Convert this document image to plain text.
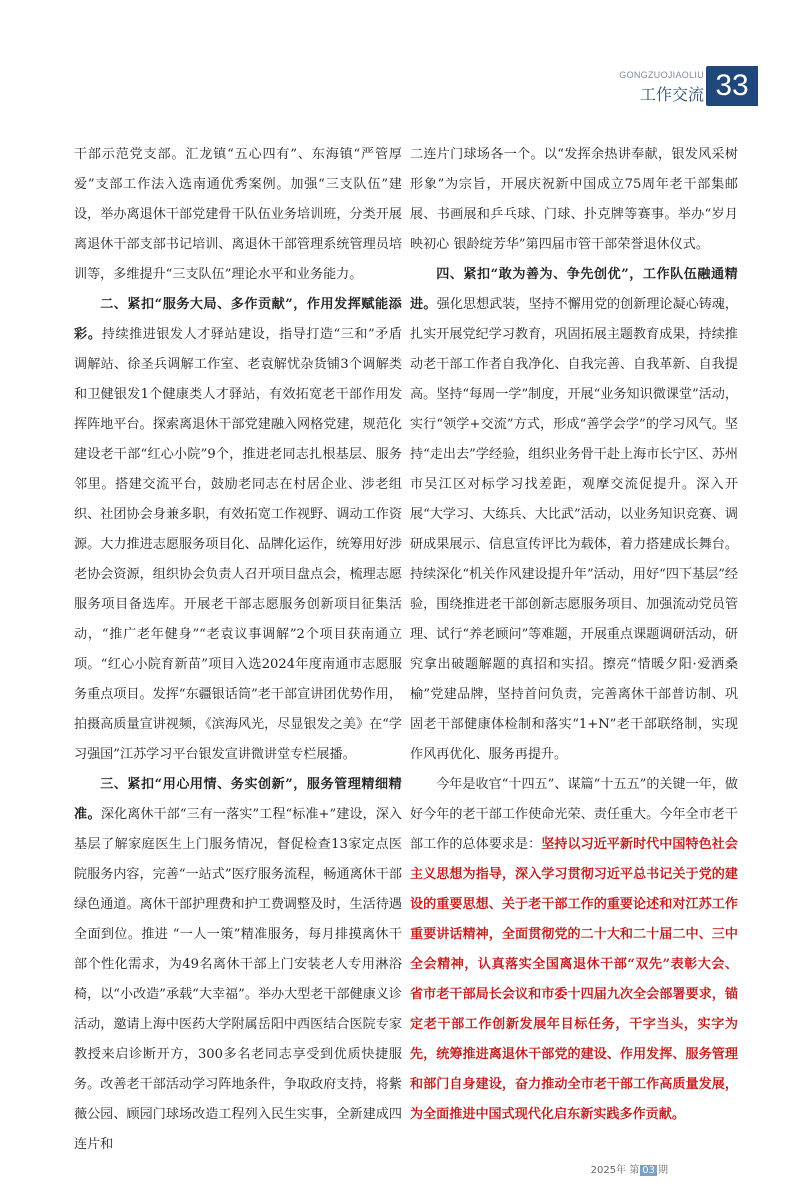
GONGZUOJIAOLIU
工作交流 33

干部示范党支部。汇龙镇“五心四有”、东海镇“严管厚爱”支部工作法入选南通优秀案例。加强“三支队伍”建设，举办离退休干部党建骨干队伍业务培训班，分类开展离退休干部支部书记培训、离退休干部管理系统管理员培训等，多维提升“三支队伍”理论水平和业务能力。

二、紧扣“服务大局、多作贡献”，作用发挥赋能添彩。持续推进银发人才驿站建设，指导打造“三和”矛盾调解站、徐圣兵调解工作室、老袁解忧杂货铺3个调解类和卫健银发1个健康类人才驿站，有效拓宽老干部作用发挥阵地平台。探索离退休干部党建融入网格党建，规范化建设老干部“红心小院”9个，推进老同志扎根基层、服务邻里。搭建交流平台，鼓励老同志在村居企业、涉老组织、社团协会身兼多职，有效拓宽工作视野、调动工作资源。大力推进志愿服务项目化、品牌化运作，统筹用好涉老协会资源，组织协会负责人召开项目盘点会，梳理志愿服务项目备选库。开展老干部志愿服务创新项目征集活动，“推广老年健身”“老袁议事调解”2个项目获南通立项。“红心小院育新苗”项目入选2024年度南通市志愿服务重点项目。发挥“东疆银话筒”老干部宣讲团优势作用，拍摄高质量宣讲视频，《滨海风光，尽显银发之美》在“学习强国”江苏学习平台银发宣讲微讲堂专栏展播。

三、紧扣“用心用情、务实创新”，服务管理精细精准。深化离休干部“三有一落实”工程“标准+”建设，深入基层了解家庭医生上门服务情况，督促检查13家定点医院服务内容，完善“一站式”医疗服务流程，畅通离休干部绿色通道。离休干部护理费和护工费调整及时，生活待遇全面到位。推进 “一人一策”精准服务，每月排摸离休干部个性化需求，为49名离休干部上门安装老人专用淋浴椅，以“小改造”承载“大幸福”。举办大型老干部健康义诊活动，邀请上海中医药大学附属岳阳中西医结合医院专家教授来启诊断开方，300多名老同志享受到优质快捷服务。改善老干部活动学习阵地条件，争取政府支持，将紫薇公园、顾园门球场改造工程列入民生实事，全新建成四连片和

二连片门球场各一个。以“发挥余热讲奉献，银发风采树形象”为宗旨，开展庆祝新中国成立75周年老干部集邮展、书画展和乒乓球、门球、扑克牌等赛事。举办“岁月映初心 银龄绽芳华”第四届市管干部荣誉退休仪式。

四、紧扣“敢为善为、争先创优”，工作队伍融通精进。强化思想武装，坚持不懈用党的创新理论凝心铸魂，扎实开展党纪学习教育，巩固拓展主题教育成果，持续推动老干部工作者自我净化、自我完善、自我革新、自我提高。坚持“每周一学”制度，开展“业务知识微课堂”活动，实行“领学+交流”方式，形成“善学会学”的学习风气。坚持“走出去”学经验，组织业务骨干赴上海市长宁区、苏州市吴江区对标学习找差距，观摩交流促提升。深入开展“大学习、大练兵、大比武”活动，以业务知识竞赛、调研成果展示、信息宣传评比为载体，着力搭建成长舞台。持续深化“机关作风建设提升年”活动，用好“四下基层”经验，围绕推进老干部创新志愿服务项目、加强流动党员管理、试行“养老顾问”等难题，开展重点课题调研活动，研究拿出破题解题的真招和实招。擦亮“情暖夕阳·爱洒桑榆”党建品牌，坚持首问负责，完善离休干部普访制、巩固老干部健康体检制和落实“1+N”老干部联络制，实现作风再优化、服务再提升。

今年是收官“十四五”、谋篇“十五五”的关键一年，做好今年的老干部工作使命光荣、责任重大。今年全市老干部工作的总体要求是：坚持以习近平新时代中国特色社会主义思想为指导，深入学习贯彻习近平总书记关于党的建设的重要思想、关于老干部工作的重要论述和对江苏工作重要讲话精神，全面贯彻党的二十大和二十届二中、三中全会精神，认真落实全国离退休干部“双先”表彰大会、省市老干部局长会议和市委十四届九次全会部署要求，锚定老干部工作创新发展年目标任务，干字当头，实字为先，统筹推进离退休干部党的建设、作用发挥、服务管理和部门自身建设，奋力推动全市老干部工作高质量发展，为全面推进中国式现代化启东新实践多作贡献。

2025年 第 03 期
